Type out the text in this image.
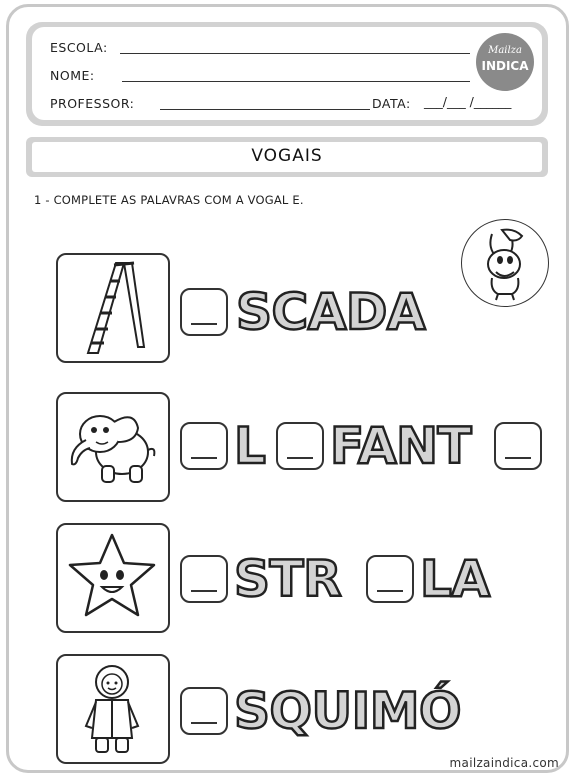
ESCOLA:
NOME:
PROFESSOR:	DATA: ___/___ /______
Mailza
INDICA
VOGAIS
1 - COMPLETE AS PALAVRAS COM A VOGAL E.
SCADA
L FANT
STR LA
SQUIMÓ
mailzaindica.com
